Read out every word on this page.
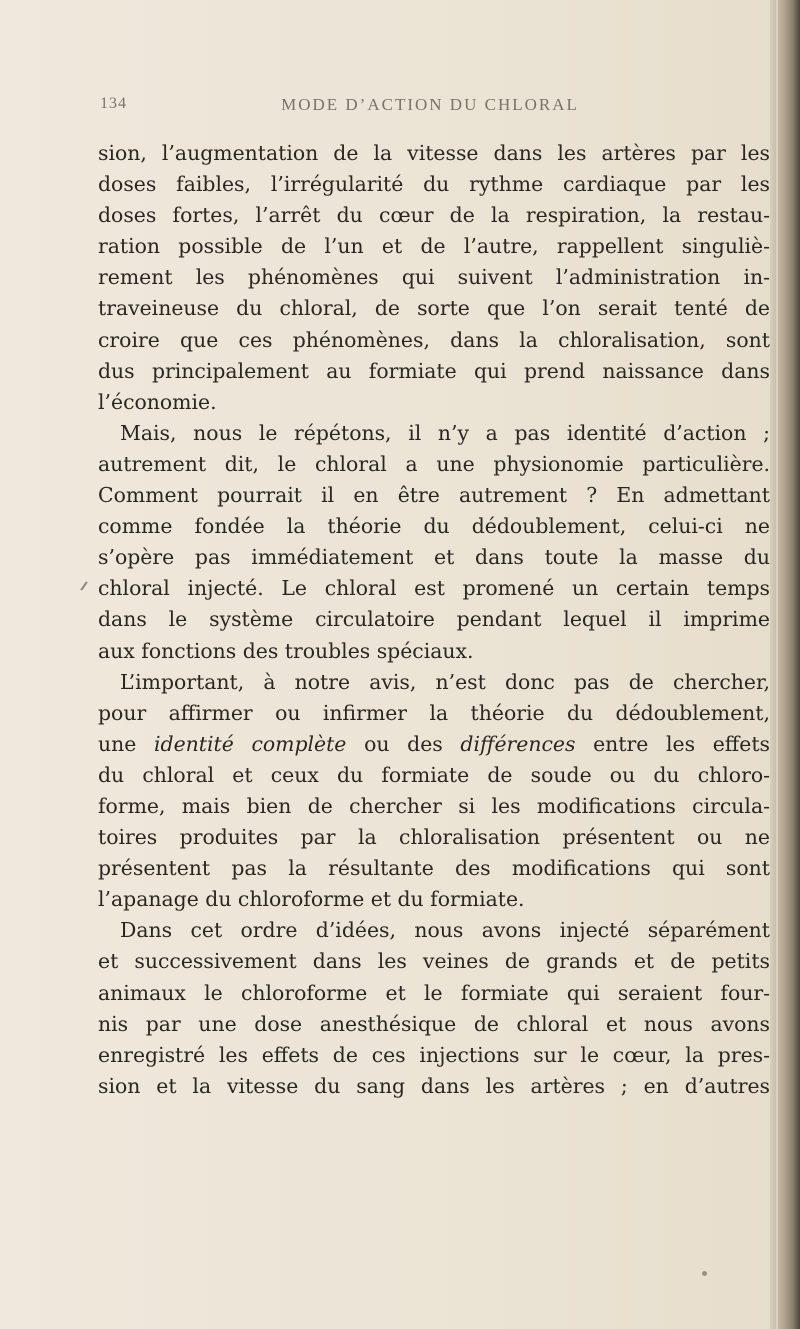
134	MODE D’ACTION DU CHLORAL
sion, l’augmentation de la vitesse dans les artères par les
doses faibles, l’irrégularité du rythme cardiaque par les
doses fortes, l’arrêt du cœur de la respiration, la restau-
ration possible de l’un et de l’autre, rappellent singuliè-
rement les phénomènes qui suivent l’administration in-
traveineuse du chloral, de sorte que l’on serait tenté de
croire que ces phénomènes, dans la chloralisation, sont
dus principalement au formiate qui prend naissance dans
l’économie.
Mais, nous le répétons, il n’y a pas identité d’action ;
autrement dit, le chloral a une physionomie particulière.
Comment pourrait il en être autrement ? En admettant
comme fondée la théorie du dédoublement, celui-ci ne
s’opère pas immédiatement et dans toute la masse du
chloral injecté. Le chloral est promené un certain temps
dans le système circulatoire pendant lequel il imprime
aux fonctions des troubles spéciaux.
L’important, à notre avis, n’est donc pas de chercher,
pour affirmer ou infirmer la théorie du dédoublement,
une identité complète ou des différences entre les effets
du chloral et ceux du formiate de soude ou du chloro-
forme, mais bien de chercher si les modifications circula-
toires produites par la chloralisation présentent ou ne
présentent pas la résultante des modifications qui sont
l’apanage du chloroforme et du formiate.
Dans cet ordre d’idées, nous avons injecté séparément
et successivement dans les veines de grands et de petits
animaux le chloroforme et le formiate qui seraient four-
nis par une dose anesthésique de chloral et nous avons
enregistré les effets de ces injections sur le cœur, la pres-
sion et la vitesse du sang dans les artères ; en d’autres
